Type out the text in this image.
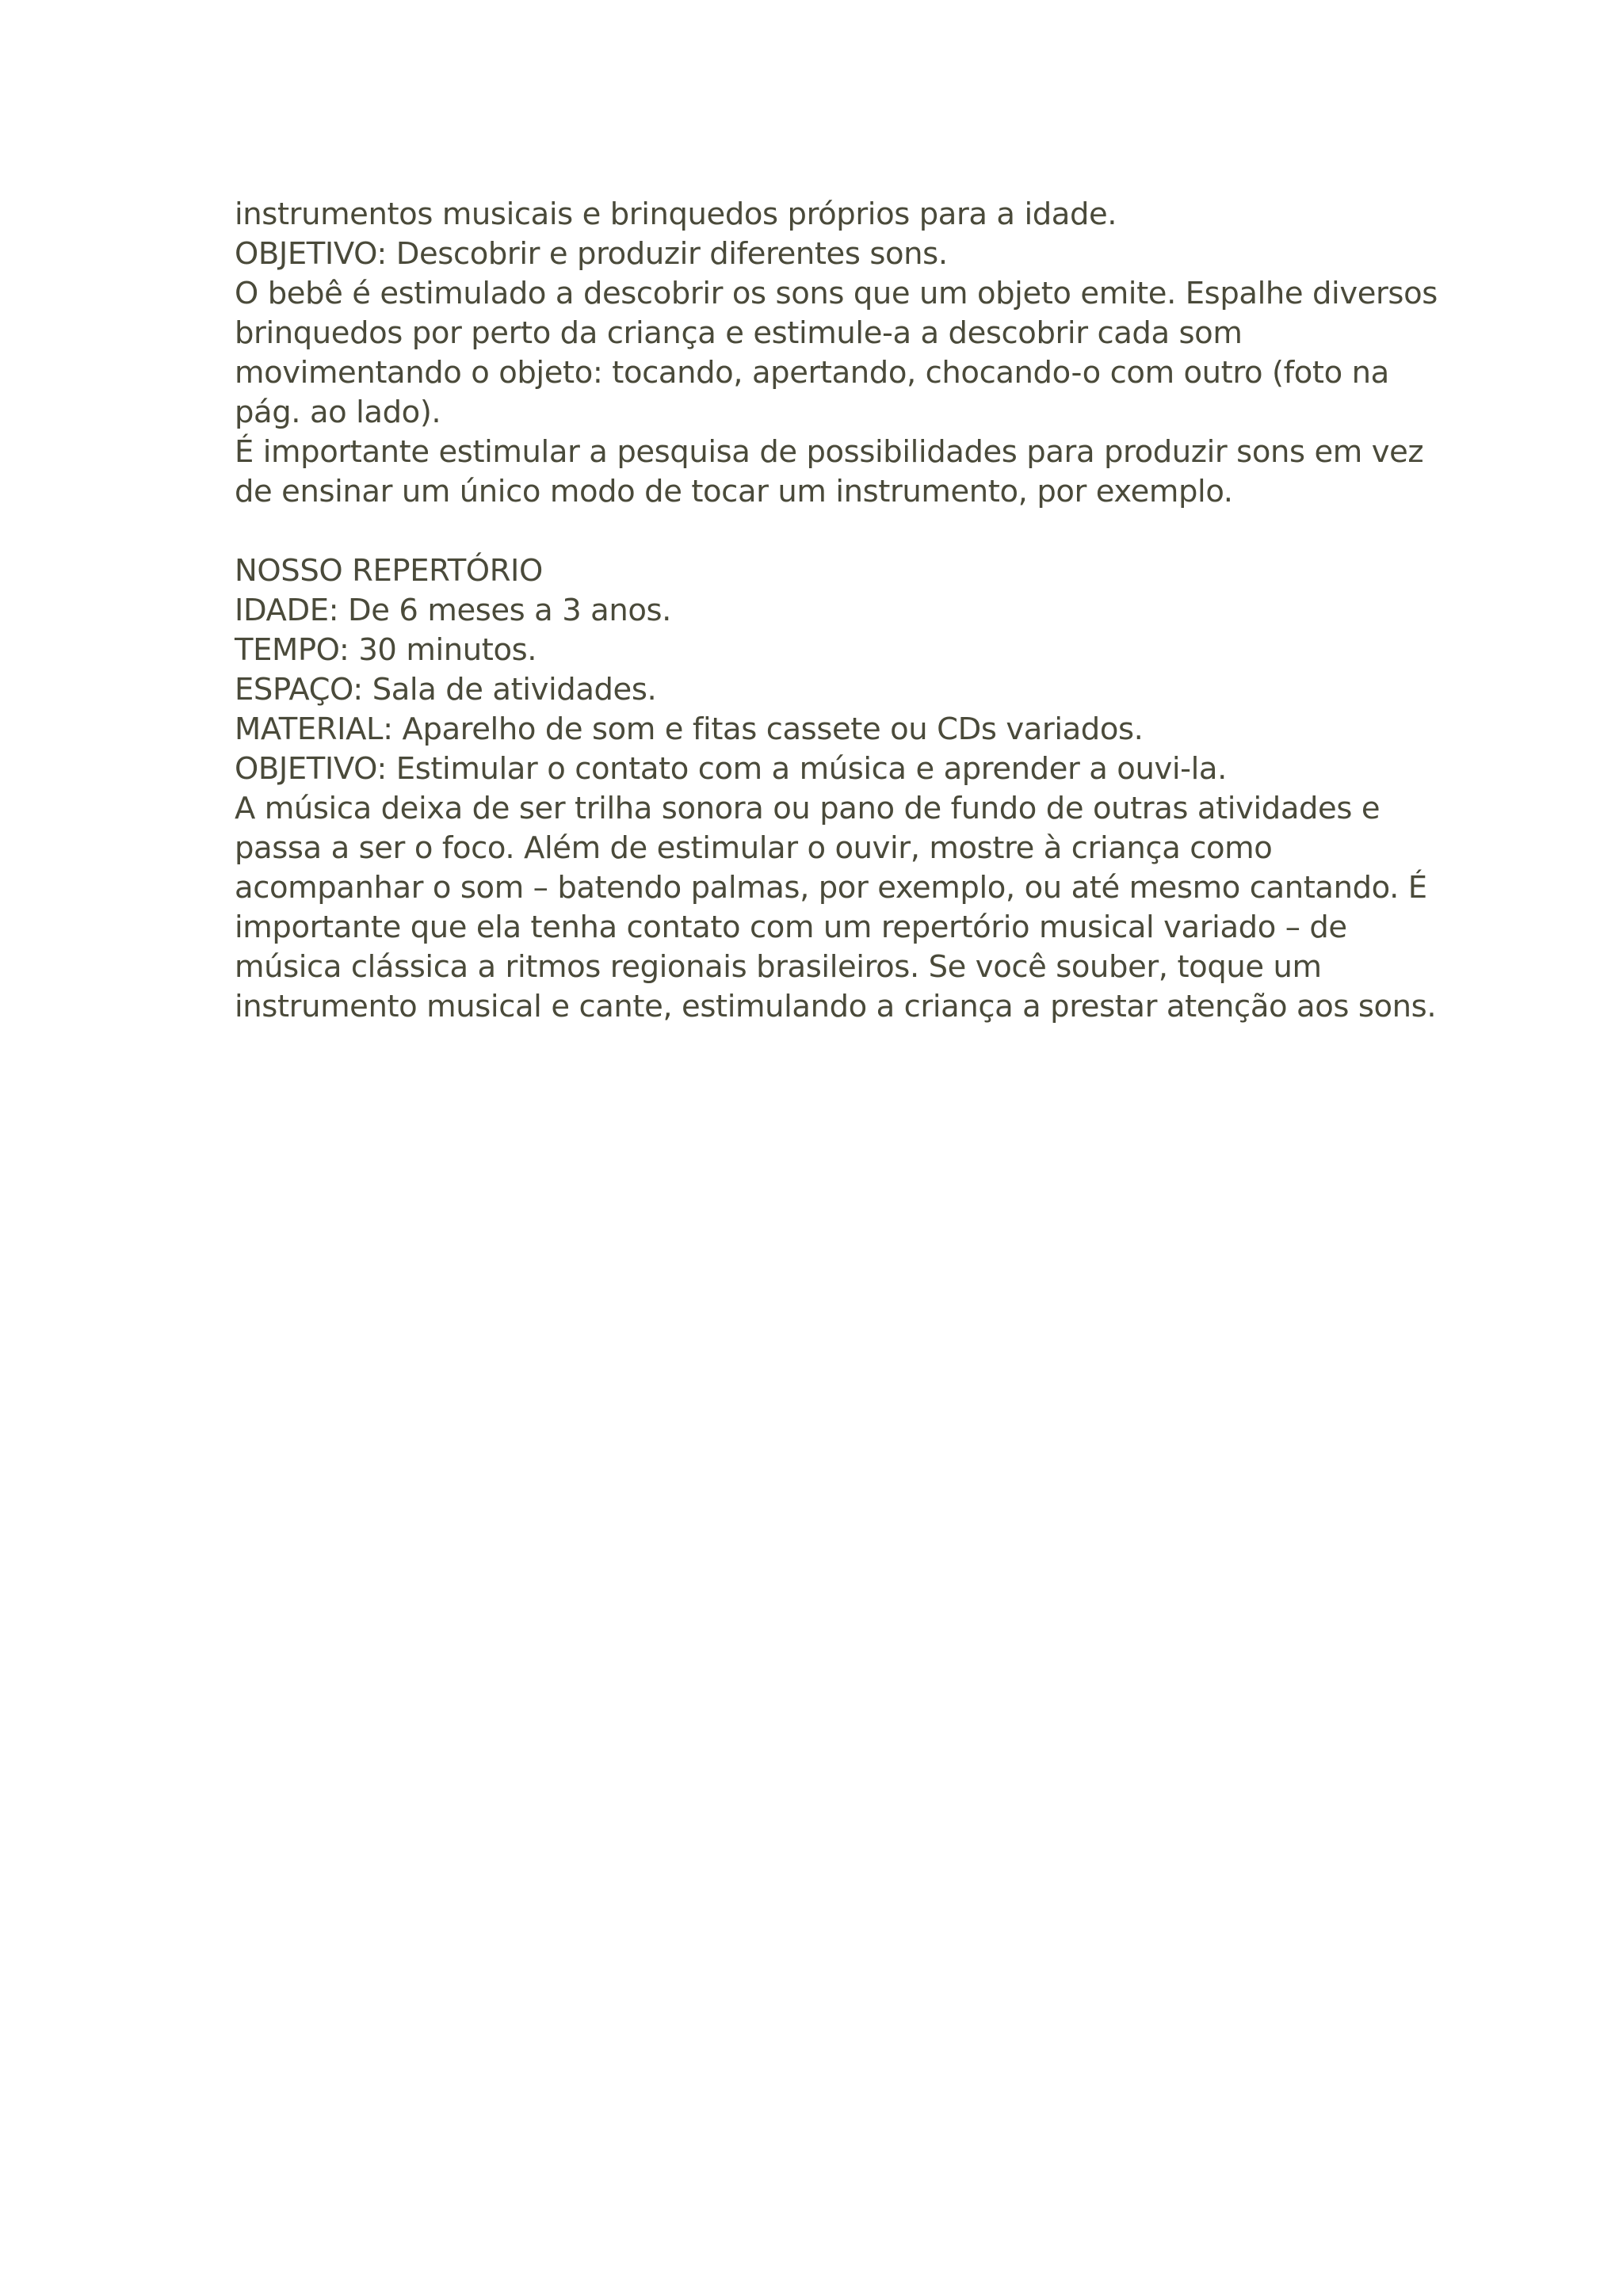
instrumentos musicais e brinquedos próprios para a idade.
OBJETIVO: Descobrir e produzir diferentes sons.
O bebê é estimulado a descobrir os sons que um objeto emite. Espalhe diversos
brinquedos por perto da criança e estimule-a a descobrir cada som
movimentando o objeto: tocando, apertando, chocando-o com outro (foto na
pág. ao lado).
É importante estimular a pesquisa de possibilidades para produzir sons em vez
de ensinar um único modo de tocar um instrumento, por exemplo.
NOSSO REPERTÓRIO
IDADE: De 6 meses a 3 anos.
TEMPO: 30 minutos.
ESPAÇO: Sala de atividades.
MATERIAL: Aparelho de som e fitas cassete ou CDs variados.
OBJETIVO: Estimular o contato com a música e aprender a ouvi-la.
A música deixa de ser trilha sonora ou pano de fundo de outras atividades e
passa a ser o foco. Além de estimular o ouvir, mostre à criança como
acompanhar o som – batendo palmas, por exemplo, ou até mesmo cantando. É
importante que ela tenha contato com um repertório musical variado – de
música clássica a ritmos regionais brasileiros. Se você souber, toque um
instrumento musical e cante, estimulando a criança a prestar atenção aos sons.
